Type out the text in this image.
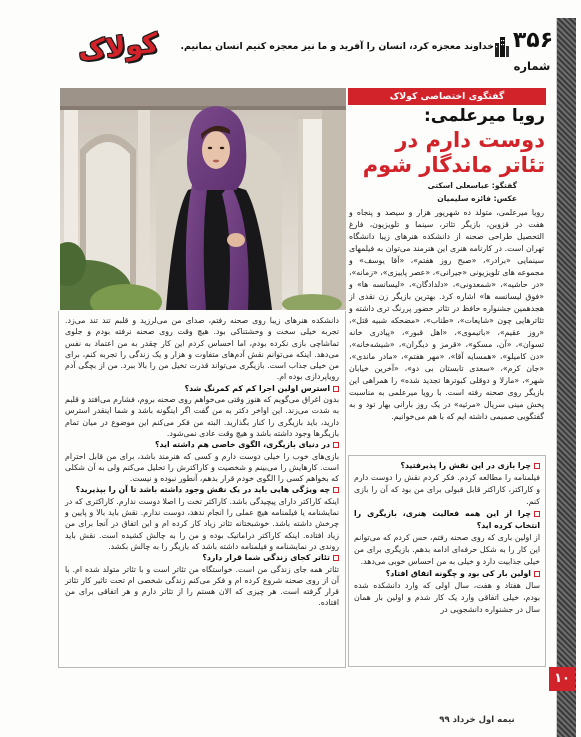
کولاک	خداوند معجزه کرد، انسان را آفرید و ما نیز معجزه کنیم انسان بمانیم. ۳۵۶
شماره
گفتگوی اختصاصی کولاک
رویا میرعلمی:
دوست دارم در
تئاتر ماندگار شوم
گفتگو: عباسعلی اسکتی
عکس: فائزه سلیمیان

رویا میرعلمی، متولد ده شهریور هزار و سیصد و پنجاه و هفت در قزوین، بازیگر تئاتر، سینما و تلویزیون، فارغ التحصیل طراحی صحنه از دانشکده هنرهای زیبا دانشگاه تهران است. در کارنامه هنری این هنرمند می‌توان به فیلمهای سینمایی «برادر»، «صبح روز هفتم»، «آقا یوسف» و مجموعه های تلویزیونی «جیرانی»، «عصر پاییزی»، «زمانه»، «در حاشیه»، «شمعدونی»، «دلدادگان»، «لیسانسه ها» و «فوق لیسانسه ها» اشاره کرد. بهترین بازیگر زن نقدی از هجدهمین جشنواره حافظ در تئاتر حضور پررنگ تری داشته و تئاترهایی چون «شایعات»، «طناب»، «مضحکه شبیه قتل»، «روز عقیم»، «باتیموی»، «اهل قبور»، «پیادری خانه تسوان»، «آن، مسکو»، «قرمز و دیگران»، «شیشه‌خانه»، «دن کامیلو»، «همسایه آقا»، «مهر هفتم»، «مادر ماندی»، «جان کرم»، «سعدی تابستان بی دو»، «آخرین خیابان شهر»، «مارلا و دوقلی کبوترها تجدید شده» را همراهی این بازیگر روی صحنه رفته است. با رویا میرعلمی به مناسبت پخش مینی سریال «مرثیه» در یک روز بارانی بهار تود و به گفتگویی صمیمی داشته ایم که با هم می‌خوانیم.

چرا بازی در این نقش را پذیرفتید؟

فیلمنامه را مطالعه کردم. فکر کردم نقش را دوست دارم و کاراکتر، کاراکتر قابل قبولی برای من بود که آن را بازی کنم.

چرا از این همه فعالیت هنری، بازیگری را انتخاب کرده اید؟

از اولین باری که روی صحنه رفتم، حس کردم که می‌توانم این کار را به شکل حرفه‌ای ادامه بدهم. بازیگری برای من خیلی جذابیت دارد و خیلی به من احساس خوبی می‌دهد.

اولین بار کی بود و چگونه اتفاق افتاد؟

سال هفتاد و هفت، سال اولی که وارد دانشکده شده بودم، خیلی اتفاقی وارد یک کار شدم و اولین بار همان سال در جشنواره دانشجویی در

دانشکده هنرهای زیبا روی صحنه رفتم، صدای من می‌لرزید و قلبم تند تند می‌زد. تجربه خیلی سخت و وحشتناکی بود. هیچ وقت روی صحنه نرفته بودم و جلوی تماشاچی بازی نکرده بودم، اما احساس کردم این کار چقدر به من اعتماد به نفس می‌دهد. اینکه می‌توانم نقش آدم‌های متفاوت و هزار و یک زندگی را تجربه کنم، برای من خیلی جذاب است. بازیگری می‌تواند قدرت تخیل من را بالا ببرد. من از بچگی آدم رویاپردازی بوده ام.

استرس اولین اجرا کم کم کمرنگ شد؟

بدون اغراق می‌گویم که هنوز وقتی می‌خواهم روی صحنه بروم، فشارم می‌افتد و قلبم به شدت می‌زند. این اواخر دکتر به من گفت اگر اینگونه باشد و شما اینقدر استرس دارید، باید بازیگری را کنار بگذارید. البته من فکر می‌کنم این موضوع در میان تمام بازیگرها وجود داشته باشد و هیچ وقت عادی نمی‌شود.

در دنیای بازیگری، الگوی خاصی هم داشته اید؟

بازی‌های خوب را خیلی دوست دارم و کسی که هنرمند باشد، برای من قابل احترام است. کارهایش را می‌بینم و شخصیت و کاراکترش را تحلیل می‌کنم ولی به آن شکلی که بخواهم کسی را الگوی خودم قرار بدهم، آنطور نبوده و نیست.

چه ویژگی هایی باید در یک نقش وجود داشته باشد تا آن را بپذیرید؟

اینکه کاراکتر دارای پیچیدگی باشد. کاراکتر تخت را اصلا دوست ندارم. کاراکتری که در نمایشنامه یا فیلمنامه هیچ عملی را انجام ندهد، دوست ندارم. نقش باید بالا و پایین و چرخش داشته باشد. خوشبختانه تئاتر زیاد کار کرده ام و این اتفاق در آنجا برای من زیاد افتاده. اینکه کاراکتر دراماتیک بوده و من را به چالش کشیده است. نقش باید روندی در نمایشنامه و فیلمنامه داشته باشد که بازیگر را به چالش بکشد.

تئاتر کجای زندگی شما قرار دارد؟

تئاتر همه جای زندگی من است. خواستگاه من تئاتر است و با تئاتر متولد شده ام. با آن از روی صحنه شروع کرده ام و فکر می‌کنم زندگی شخصی ام تحت تاثیر کار تئاتر قرار گرفته است. هر چیزی که الان هستم را از تئاتر دارم و هر اتفاقی برای من افتاده.

۱۰
نیمه اول خرداد ۹۹
